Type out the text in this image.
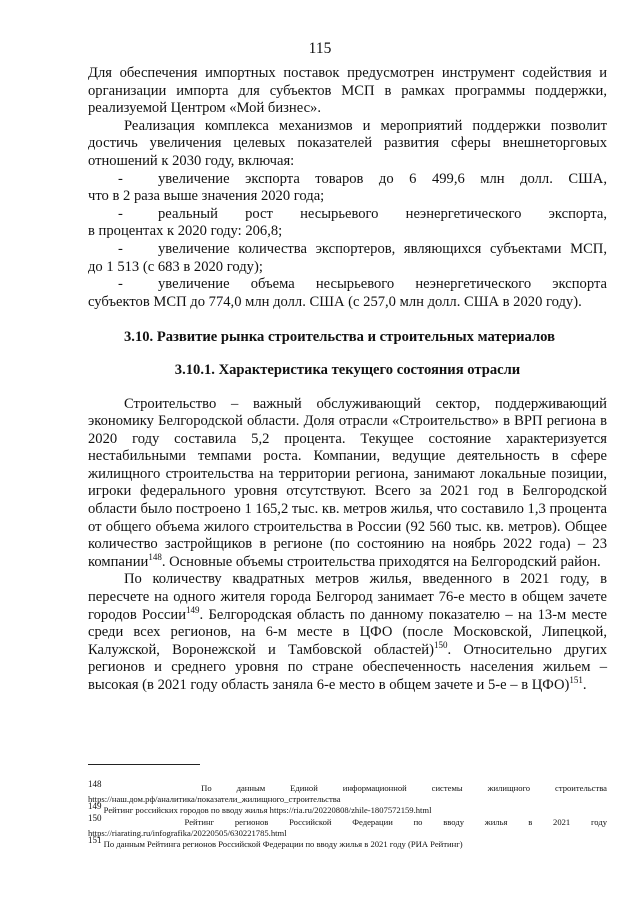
115

Для обеспечения импортных поставок предусмотрен инструмент содействия и организации импорта для субъектов МСП в рамках программы поддержки, реализуемой Центром «Мой бизнес».

Реализация комплекса механизмов и мероприятий поддержки позволит достичь увеличения целевых показателей развития сферы внешнеторговых отношений к 2030 году, включая:

-	увеличение экспорта товаров до 6 499,6 млн долл. США,

что в 2 раза выше значения 2020 года;

-	реальный рост несырьевого неэнергетического экспорта,

в процентах к 2020 году: 206,8;

-	увеличение количества экспортеров, являющихся субъектами МСП,

до 1 513 (с 683 в 2020 году);

-	увеличение объема несырьевого неэнергетического экспорта

субъектов МСП до 774,0 млн долл. США (с 257,0 млн долл. США в 2020 году).

3.10. Развитие рынка строительства и строительных материалов
3.10.1. Характеристика текущего состояния отрасли

Строительство – важный обслуживающий сектор, поддерживающий экономику Белгородской области. Доля отрасли «Строительство» в ВРП региона в 2020 году составила 5,2 процента. Текущее состояние характеризуется нестабильными темпами роста. Компании, ведущие деятельность в сфере жилищного строительства на территории региона, занимают локальные позиции, игроки федерального уровня отсутствуют. Всего за 2021 год в Белгородской области было построено 1 165,2 тыс. кв. метров жилья, что составило 1,3 процента от общего объема жилого строительства в России (92 560 тыс. кв. метров). Общее количество застройщиков в регионе (по состоянию на ноябрь 2022 года) – 23 компании$^{148}$. Основные объемы строительства приходятся на Белгородский район.

По количеству квадратных метров жилья, введенного в 2021 году, в пересчете на одного жителя города Белгород занимает 76-е место в общем зачете городов России$^{149}$. Белгородская область по данному показателю – на 13-м месте среди всех регионов, на 6-м месте в ЦФО (после Московской, Липецкой, Калужской, Воронежской и Тамбовской областей)$^{150}$. Относительно других регионов и среднего уровня по стране обеспеченность населения жильем – высокая (в 2021 году область заняла 6-е место в общем зачете и 5-е – в ЦФО)$^{151}$.

$^{148}$	По данным Единой информационной системы жилищного строительства

https://наш.дом.рф/аналитика/показатели_жилищного_строительства

$^{149}$ Рейтинг российских городов по вводу жилья https://ria.ru/20220808/zhile-1807572159.html

$^{150}$	Рейтинг регионов Российской Федерации по вводу жилья в 2021 году

https://riarating.ru/infografika/20220505/630221785.html

$^{151}$ По данным Рейтинга регионов Российской Федерации по вводу жилья в 2021 году (РИА Рейтинг)
